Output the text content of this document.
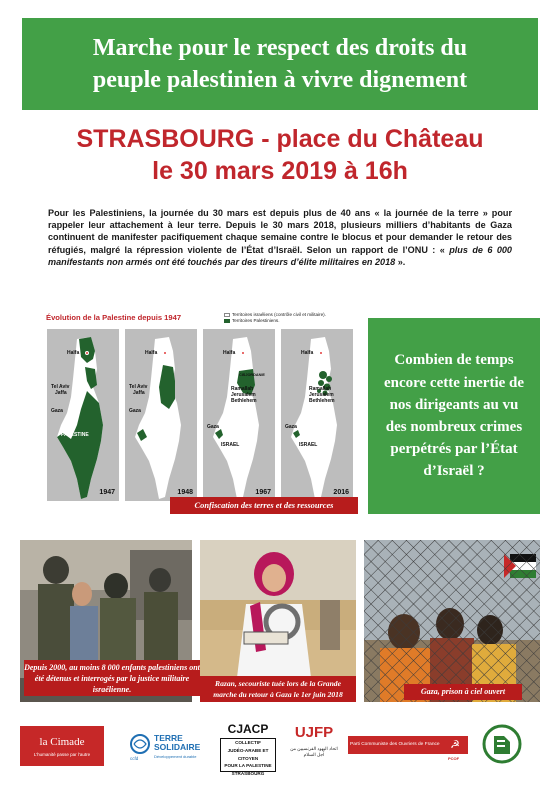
Marche pour le respect des droits du
peuple palestinien à vivre dignement
STRASBOURG - place du Château
le 30 mars 2019 à 16h

Pour les Palestiniens, la journée du 30 mars est depuis plus de 40 ans « la journée de la terre » pour rappeler leur attachement à leur terre. Depuis le 30 mars 2018, plusieurs milliers d’habitants de Gaza continuent de manifester pacifiquement chaque semaine contre le blocus et pour demander le retour des réfugiés, malgré la répression violente de l’État d’Israël. Selon un rapport de l’ONU : « plus de 6 000 manifestants non armés ont été touchés par des tireurs d’élite militaires en 2018 ».

Évolution de la Palestine depuis 1947	Territoires israéliens (contrôle civil et militaire).
Territoires Palestiniens.
Haïfa
Tel Aviv
Jaffa
Gaza
PALESTINE
1947
Haïfa
Tel Aviv
Jaffa
Gaza
1948
Haïfa
CISJORDANIE
Ramallah
Jerusalem
Bethlehem
Gaza
ISRAEL
1967
Haïfa
Ramallah
Jerusalem
Bethlehem
Gaza
ISRAEL
2016
Confiscation des terres et des ressources

Combien de temps encore cette inertie de nos dirigeants au vu des nombreux crimes perpétrés par l’État d’Israël ?

Depuis 2000, au moins 8 000 enfants palestiniens ont été détenus et interrogés par la justice militaire israélienne.
Razan, secouriste tuée lors de la Grande
marche du retour à Gaza le 1er juin 2018	Gaza, prison à ciel ouvert
la Cimade
L’humanité passe par l’autre
ccfd
TERRE
SOLIDAIRE
Développement durable
CJACP
COLLECTIF
JUDÉO-ARABE ET CITOYEN
POUR LA PALESTINE
STRASBOURG
UJFP
اتحاد اليهود الفرنسيين من أجل السلام
Parti Communiste des Ouvriers de France ☭
PCOF
